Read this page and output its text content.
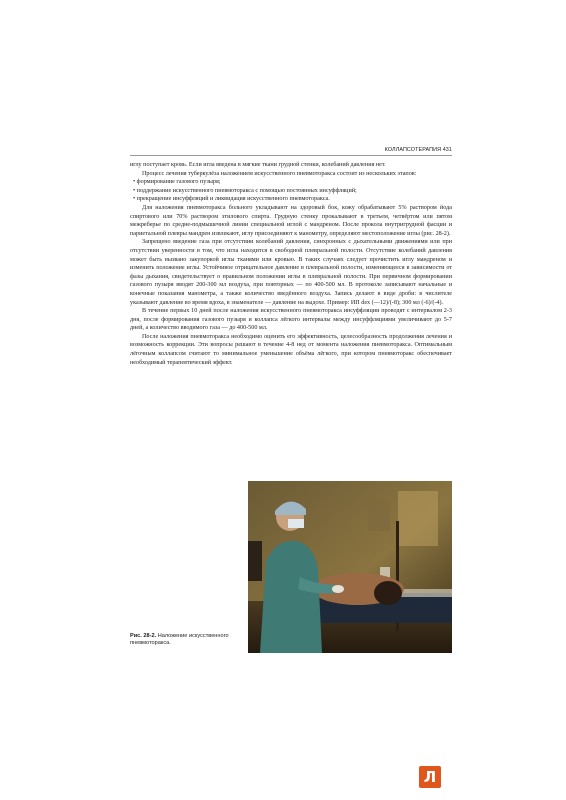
КОЛЛАПСОТЕРАПИЯ 431

иглу поступает кровь. Если игла введена в мягкие ткани грудной стенки, колебаний давления нет.

Процесс лечения туберкулёза наложением искусственного пневмоторакса состоит из нескольких этапов:

• формирование газового пузыря;
• поддержание искусственного пневмоторакса с помощью постоянных инсуффляций;
• прекращение инсуффляций и ликвидация искусственного пневмоторакса.

Для наложения пневмоторакса больного укладывают на здоровый бок, кожу обрабатывают 5% раствором йода спиртового или 70% раствором этилового спирта. Грудную стенку прокалывают в третьем, четвёртом или пятом межреберье по средне-подмышечной линии специальной иглой с мандреном. После прокола внутригрудной фасции и париетальной плевры мандрен извлекают, иглу присоединяют к манометру, определяют местоположение иглы (рис. 28-2).

Запрещено введение газа при отсутствии колебаний давления, синхронных с дыхательными движениями или при отсутствии уверенности в том, что игла находится в свободной плевральной полости. Отсутствие колебаний давления может быть вызвано закупоркой иглы тканями или кровью. В таких случаях следует прочистить иглу мандреном и изменить положение иглы. Устойчивое отрицательное давление в плевральной полости, изменяющееся в зависимости от фазы дыхания, свидетельствует о правильном положении иглы в плевральной полости. При первичном формировании газового пузыря вводят 200-300 мл воздуха, при повторных — по 400-500 мл. В протоколе записывают начальные и конечные показания манометра, а также количество введённого воздуха. Запись делают в виде дроби: в числителе указывают давление во время вдоха, в знаменателе — давление на выдохе. Пример: ИП dex (—12)/(-8); 300 мл (-6)/(-4).

В течение первых 10 дней после наложения искусственного пневмоторакса инсуффляции проводят с интервалом 2-3 дня, после формирования газового пузыря и коллапса лёгкого интервалы между инсуффляциями увеличивают до 5-7 дней, а количество вводимого газа — до 400-500 мл.

После наложения пневмоторакса необходимо оценить его эффективность, целесообразность продолжения лечения и возможность коррекции. Эти вопросы решают в течение 4-8 нед от момента наложения пневмоторакса. Оптимальным лёгочным коллапсом считают то минимальное уменьшение объёма лёгкого, при котором пневмоторакс обеспечивает необходимый терапевтический эффект.

Рис. 28-2. Наложение искусственного пневмоторакса.
Л
